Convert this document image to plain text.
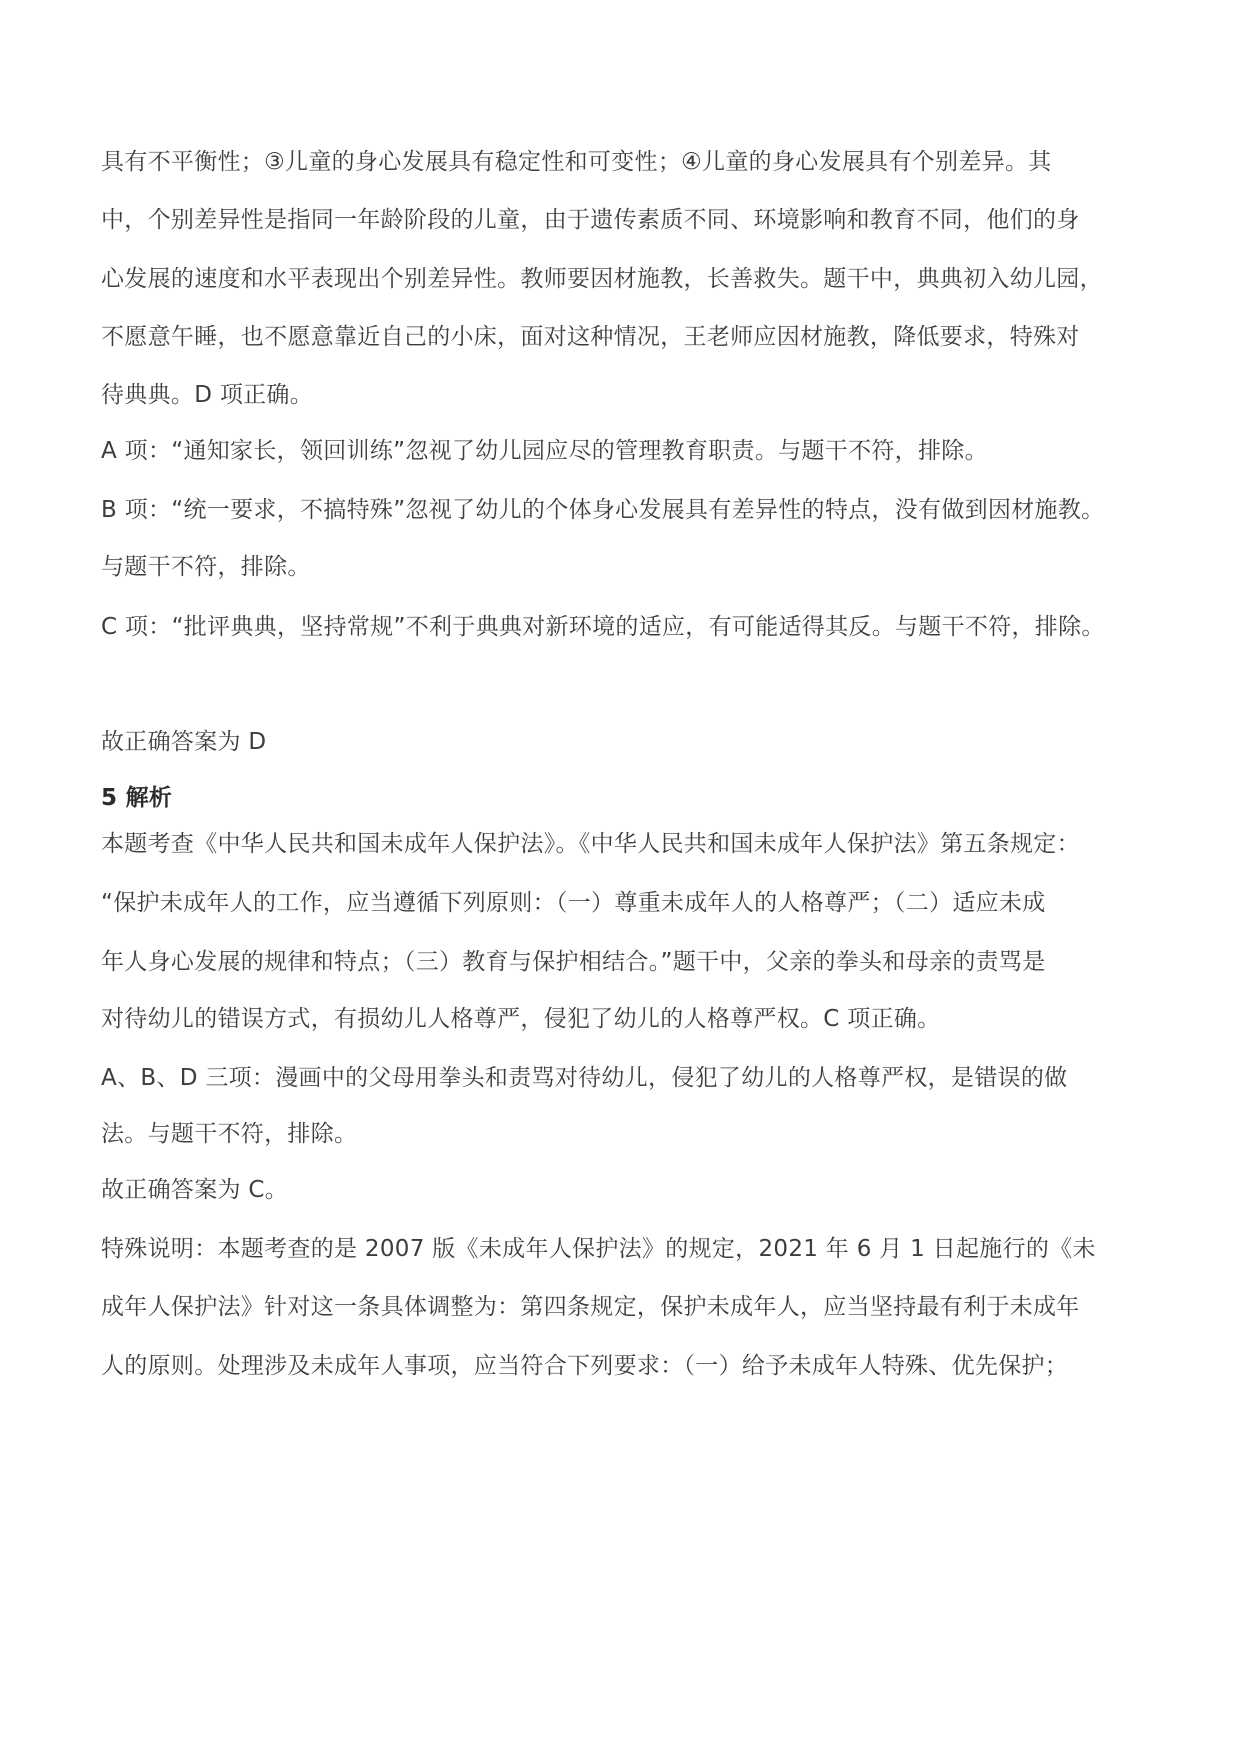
具有不平衡性；③儿童的身心发展具有稳定性和可变性；④儿童的身心发展具有个别差异。其
中，个别差异性是指同一年龄阶段的儿童，由于遗传素质不同、环境影响和教育不同，他们的身
心发展的速度和水平表现出个别差异性。教师要因材施教，长善救失。题干中，典典初入幼儿园，
不愿意午睡，也不愿意靠近自己的小床，面对这种情况，王老师应因材施教，降低要求，特殊对
待典典。D 项正确。
A 项：“通知家长，领回训练”忽视了幼儿园应尽的管理教育职责。与题干不符，排除。
B 项：“统一要求，不搞特殊”忽视了幼儿的个体身心发展具有差异性的特点，没有做到因材施教。
与题干不符，排除。
C 项：“批评典典，坚持常规”不利于典典对新环境的适应，有可能适得其反。与题干不符，排除。
故正确答案为 D
5 解析
本题考查《中华人民共和国未成年人保护法》。《中华人民共和国未成年人保护法》第五条规定：
“保护未成年人的工作，应当遵循下列原则：（一）尊重未成年人的人格尊严；（二）适应未成
年人身心发展的规律和特点；（三）教育与保护相结合。”题干中，父亲的拳头和母亲的责骂是
对待幼儿的错误方式，有损幼儿人格尊严，侵犯了幼儿的人格尊严权。C 项正确。
A、B、D 三项：漫画中的父母用拳头和责骂对待幼儿，侵犯了幼儿的人格尊严权，是错误的做
法。与题干不符，排除。
故正确答案为 C。
特殊说明：本题考查的是 2007 版《未成年人保护法》的规定，2021 年 6 月 1 日起施行的《未
成年人保护法》针对这一条具体调整为：第四条规定，保护未成年人，应当坚持最有利于未成年
人的原则。处理涉及未成年人事项，应当符合下列要求：（一）给予未成年人特殊、优先保护；
